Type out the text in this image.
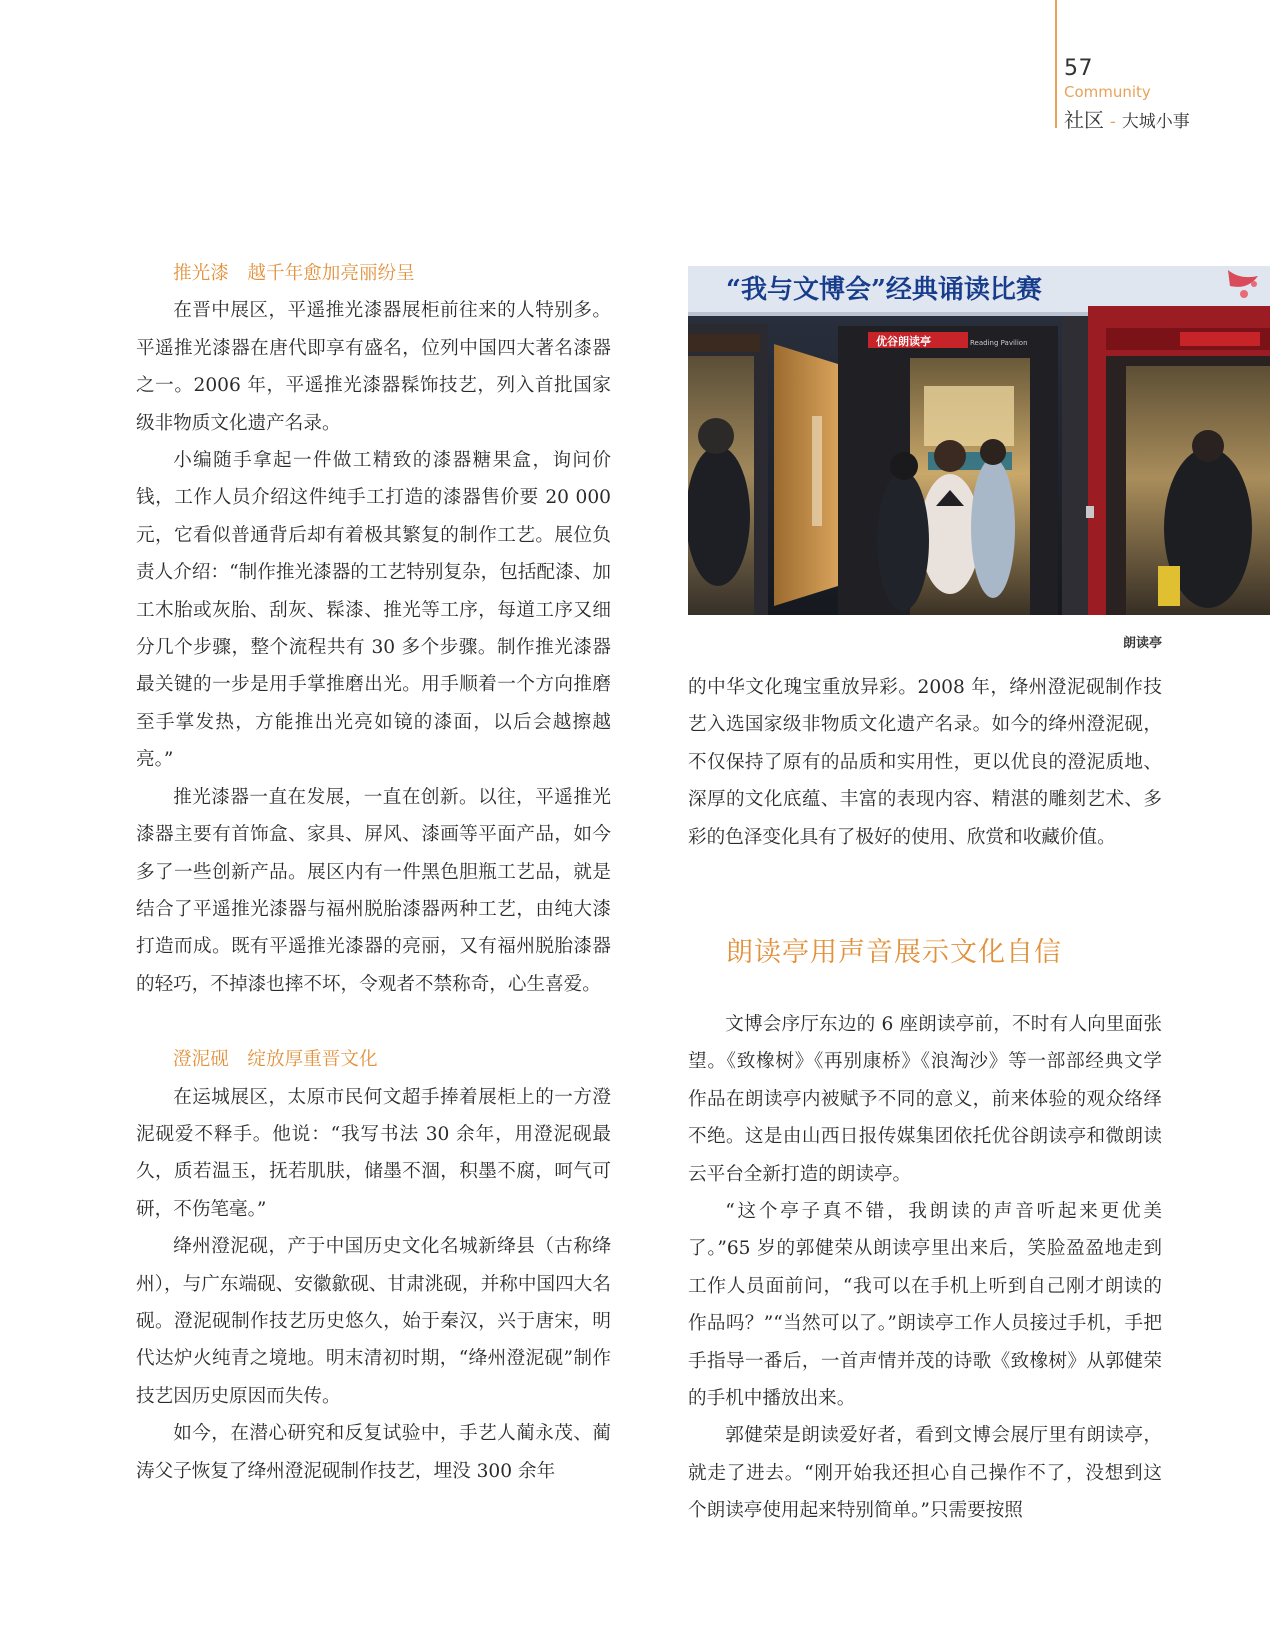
57
Community
社区 - 大城小事
推光漆　越千年愈加亮丽纷呈

在晋中展区，平遥推光漆器展柜前往来的人特别多。平遥推光漆器在唐代即享有盛名，位列中国四大著名漆器之一。2006 年，平遥推光漆器髹饰技艺，列入首批国家级非物质文化遗产名录。

小编随手拿起一件做工精致的漆器糖果盒，询问价钱，工作人员介绍这件纯手工打造的漆器售价要 20 000 元，它看似普通背后却有着极其繁复的制作工艺。展位负责人介绍：“制作推光漆器的工艺特别复杂，包括配漆、加工木胎或灰胎、刮灰、髹漆、推光等工序，每道工序又细分几个步骤，整个流程共有 30 多个步骤。制作推光漆器最关键的一步是用手掌推磨出光。用手顺着一个方向推磨至手掌发热，方能推出光亮如镜的漆面，以后会越擦越亮。”

推光漆器一直在发展，一直在创新。以往，平遥推光漆器主要有首饰盒、家具、屏风、漆画等平面产品，如今多了一些创新产品。展区内有一件黑色胆瓶工艺品，就是结合了平遥推光漆器与福州脱胎漆器两种工艺，由纯大漆打造而成。既有平遥推光漆器的亮丽，又有福州脱胎漆器的轻巧，不掉漆也摔不坏，令观者不禁称奇，心生喜爱。

澄泥砚　绽放厚重晋文化

在运城展区，太原市民何文超手捧着展柜上的一方澄泥砚爱不释手。他说：“我写书法 30 余年，用澄泥砚最久，质若温玉，抚若肌肤，储墨不涸，积墨不腐，呵气可研，不伤笔毫。”

绛州澄泥砚，产于中国历史文化名城新绛县（古称绛州），与广东端砚、安徽歙砚、甘肃洮砚，并称中国四大名砚。澄泥砚制作技艺历史悠久，始于秦汉，兴于唐宋，明代达炉火纯青之境地。明末清初时期，“绛州澄泥砚”制作技艺因历史原因而失传。

如今，在潜心研究和反复试验中，手艺人蔺永茂、蔺涛父子恢复了绛州澄泥砚制作技艺，埋没 300 余年

“我与文博会”经典诵读比赛
优谷朗读亭	Reading Pavilion
朗读亭

的中华文化瑰宝重放异彩。2008 年，绛州澄泥砚制作技艺入选国家级非物质文化遗产名录。如今的绛州澄泥砚，不仅保持了原有的品质和实用性，更以优良的澄泥质地、深厚的文化底蕴、丰富的表现内容、精湛的雕刻艺术、多彩的色泽变化具有了极好的使用、欣赏和收藏价值。

朗读亭用声音展示文化自信

文博会序厅东边的 6 座朗读亭前，不时有人向里面张望。《致橡树》《再别康桥》《浪淘沙》等一部部经典文学作品在朗读亭内被赋予不同的意义，前来体验的观众络绎不绝。这是由山西日报传媒集团依托优谷朗读亭和微朗读云平台全新打造的朗读亭。

“这个亭子真不错，我朗读的声音听起来更优美了。”65 岁的郭健荣从朗读亭里出来后，笑脸盈盈地走到工作人员面前问，“我可以在手机上听到自己刚才朗读的作品吗？”“当然可以了。”朗读亭工作人员接过手机，手把手指导一番后，一首声情并茂的诗歌《致橡树》从郭健荣的手机中播放出来。

郭健荣是朗读爱好者，看到文博会展厅里有朗读亭，就走了进去。“刚开始我还担心自己操作不了，没想到这个朗读亭使用起来特别简单。”只需要按照
